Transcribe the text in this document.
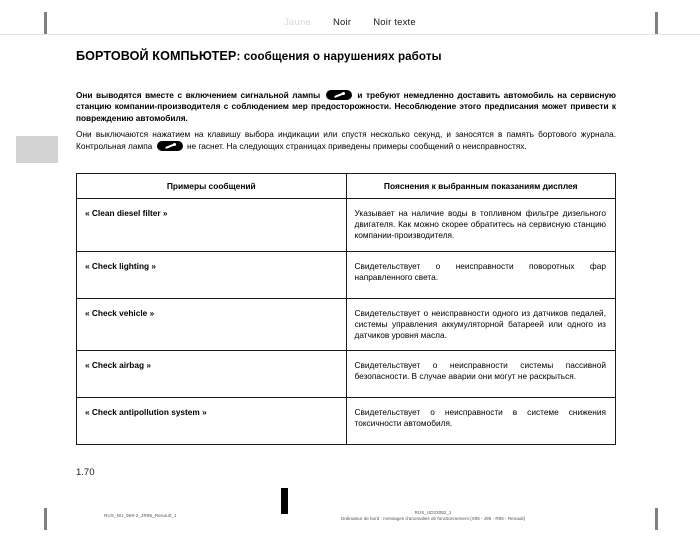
Jaune Noir Noir texte
БОРТОВОЙ КОМПЬЮТЕР: сообщения о нарушениях работы

Они выводятся вместе с включением сигнальной лампы	и требуют немедленно доставить автомобиль на сервисную станцию компании-производителя с соблюдением мер предосторожности. Несоблюдение этого предписания может привести к повреждению автомобиля.

Они выключаются нажатием на клавишу выбора индикации или спустя несколько секунд, и заносятся в память бортового журнала. Контрольная лампа	не гаснет. На следующих страницах приведены примеры сообщений о неисправностях.

Примеры сообщений	Пояснения к выбранным показаниям дисплея
« Clean diesel filter »	Указывает на наличие воды в топливном фильтре дизельного двигателя. Как можно скорее обратитесь на сервисную станцию компании-производителя.
« Check lighting »	Свидетельствует о неисправности поворотных фар направленного света.
« Check vehicle »	Свидетельствует о неисправности одного из датчиков педалей, системы управления аккумуляторной батареей или одного из датчиков уровня масла.
« Check airbag »	Свидетельствует о неисправности системы пассивной безопасности. В случае аварии они могут не раскрыться.
« Check antipollution system »	Свидетельствует о неисправности в системе снижения токсичности автомобиля.
1.70
RUS_NU_969-2_JR95_Renault_1
RUS_UD23082_1
Ordinateur de bord : messages d'anomalies de fonctionnement (X95 - J95 - R95 - Renault)
